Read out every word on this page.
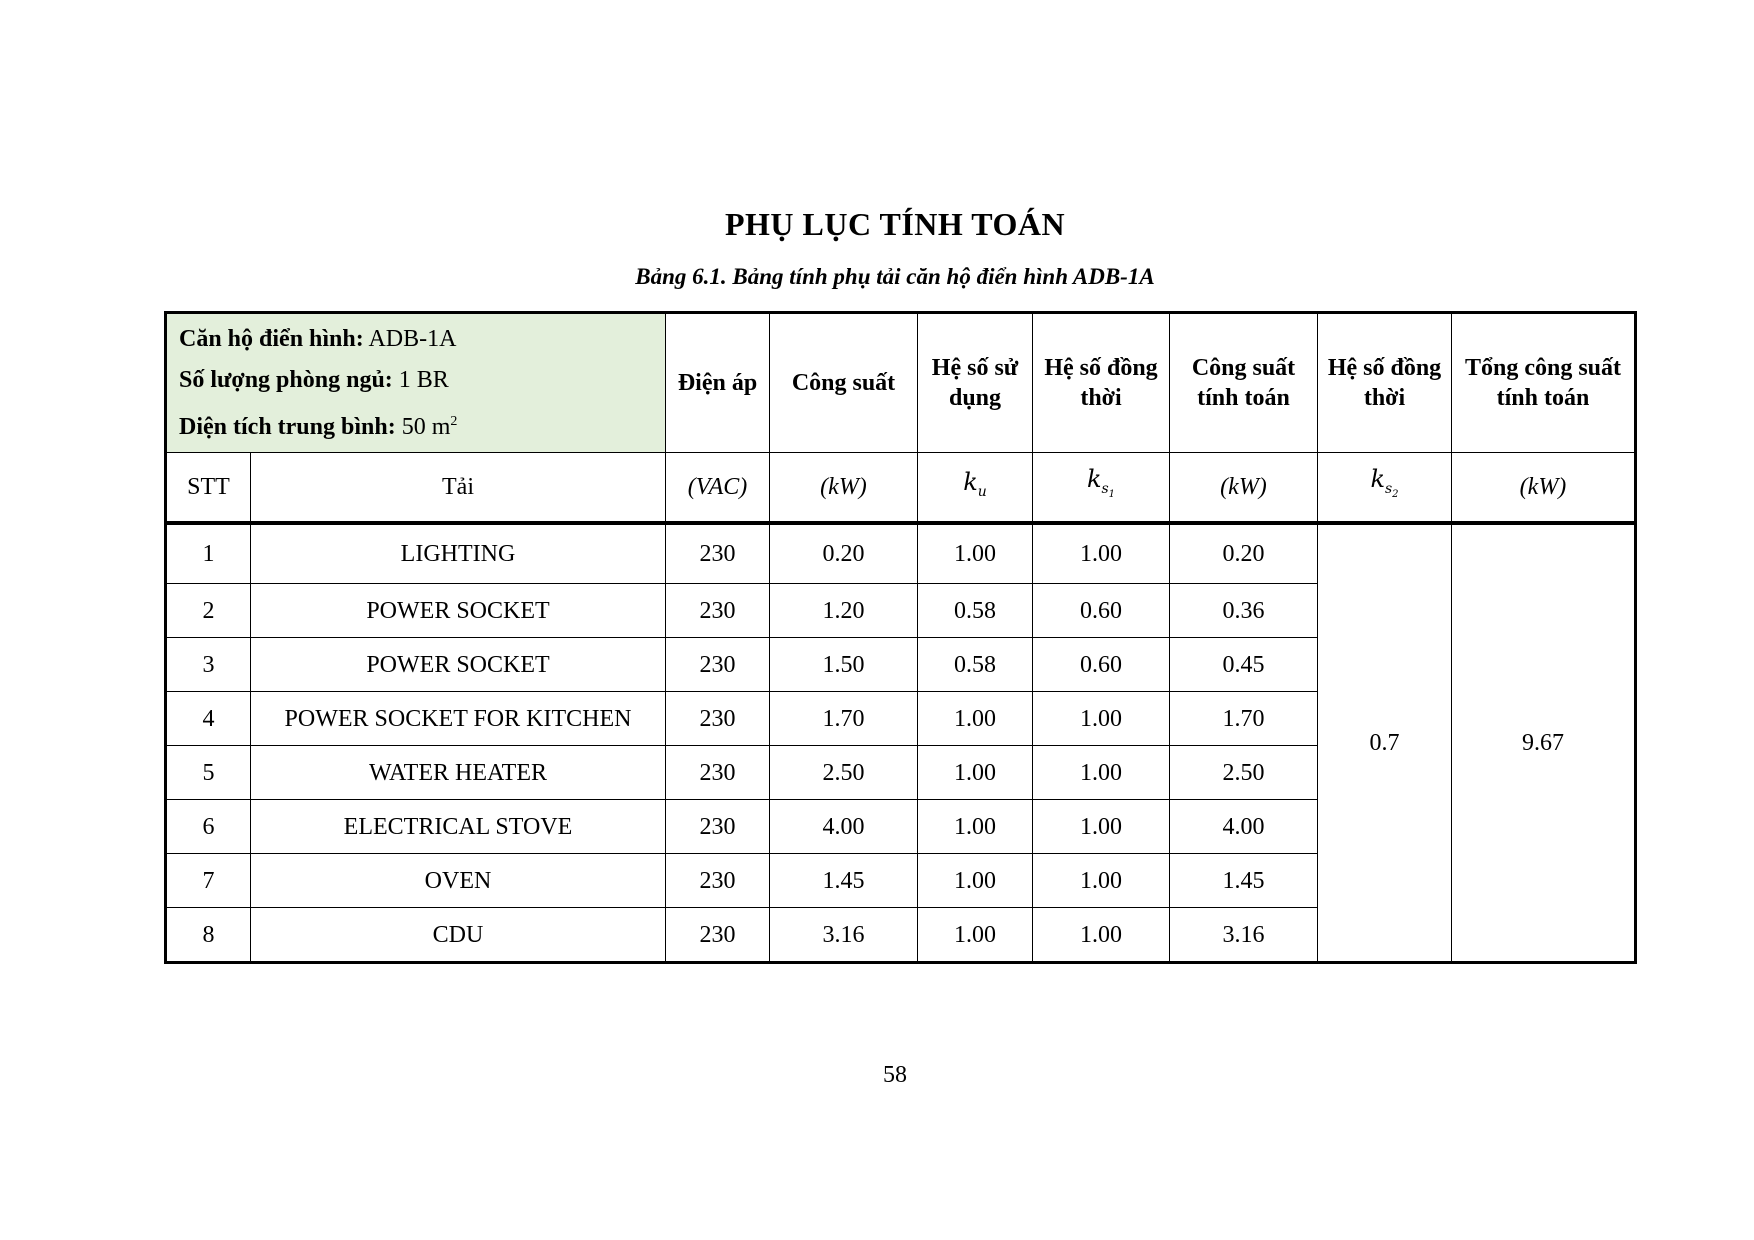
PHỤ LỤC TÍNH TOÁN
Bảng 6.1. Bảng tính phụ tải căn hộ điển hình ADB-1A
Căn hộ điển hình: ADB-1A
Số lượng phòng ngủ: 1 BR
Diện tích trung bình: 50 $m^2$		Điện áp	Công suất	Hệ số sử dụng	Hệ số đồng thời	Công suất tính toán	Hệ số đồng thời	Tổng công suất tính toán
STT	Tải	(VAC)	(kW)	$k_u$	$k_{s_1}$	(kW)	$k_{s_2}$	(kW)
1	LIGHTING	230	0.20	1.00	1.00	0.20	0.7	9.67
2	POWER SOCKET	230	1.20	0.58	0.60	0.36		
3	POWER SOCKET	230	1.50	0.58	0.60	0.45		
4	POWER SOCKET FOR KITCHEN	230	1.70	1.00	1.00	1.70		
5	WATER HEATER	230	2.50	1.00	1.00	2.50		
6	ELECTRICAL STOVE	230	4.00	1.00	1.00	4.00		
7	OVEN	230	1.45	1.00	1.00	1.45		
8	CDU	230	3.16	1.00	1.00	3.16		
58
